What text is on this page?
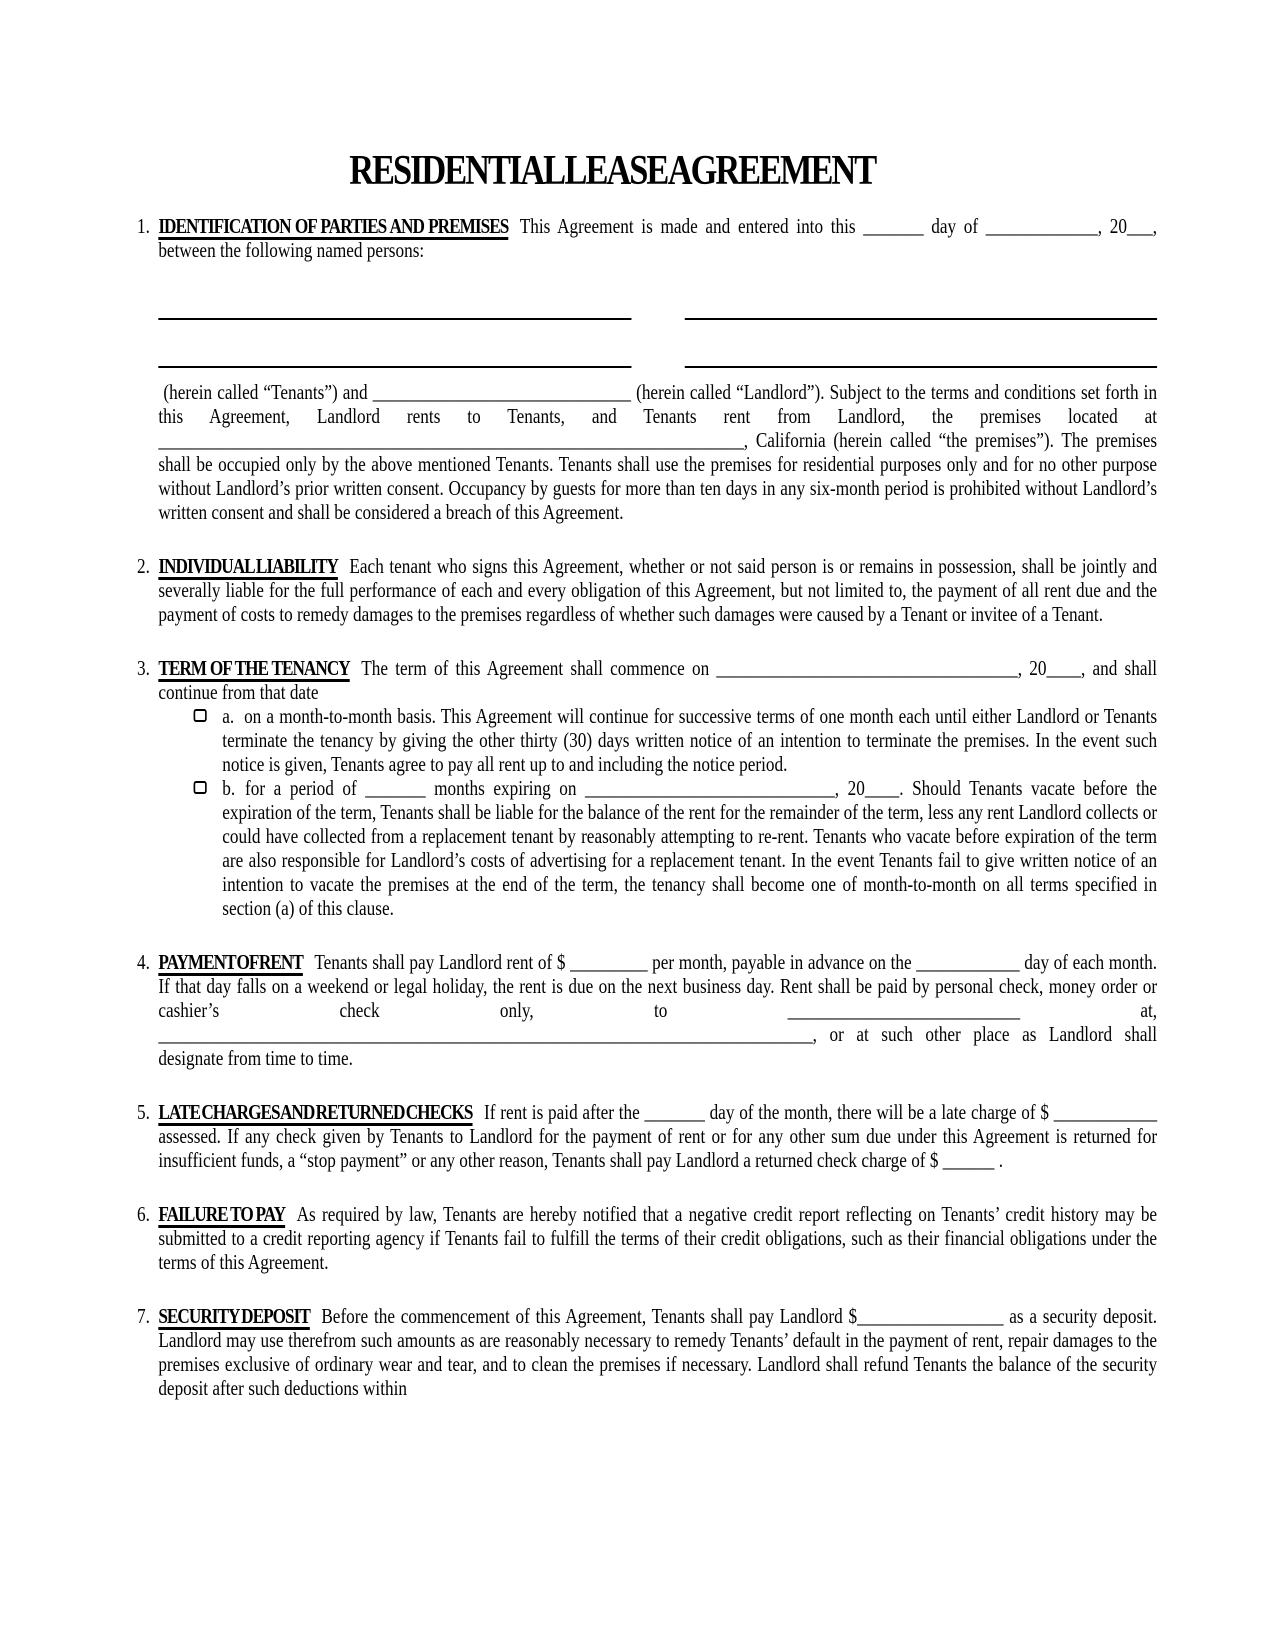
RESIDENTIAL LEASE AGREEMENT
1. IDENTIFICATION OF PARTIES AND PREMISES This Agreement is made and entered into this _______ day of _____________, 20___, between the following named persons:

(herein called “Tenants”) and ______________________________ (herein called “Landlord”). Subject to the terms and conditions set forth in this Agreement, Landlord rents to Tenants, and Tenants rent from Landlord, the premises located at ____________________________________________________________________, California (herein called “the premises”). The premises shall be occupied only by the above mentioned Tenants. Tenants shall use the premises for residential purposes only and for no other purpose without Landlord’s prior written consent. Occupancy by guests for more than ten days in any six-month period is prohibited without Landlord’s written consent and shall be considered a breach of this Agreement.

2. INDIVIDUAL LIABILITY Each tenant who signs this Agreement, whether or not said person is or remains in possession, shall be jointly and severally liable for the full performance of each and every obligation of this Agreement, but not limited to, the payment of all rent due and the payment of costs to remedy damages to the premises regardless of whether such damages were caused by a Tenant or invitee of a Tenant.

3. TERM OF THE TENANCY The term of this Agreement shall commence on ___________________________________, 20____, and shall continue from that date

a. on a month-to-month basis. This Agreement will continue for successive terms of one month each until either Landlord or Tenants terminate the tenancy by giving the other thirty (30) days written notice of an intention to terminate the premises. In the event such notice is given, Tenants agree to pay all rent up to and including the notice period.
b. for a period of _______ months expiring on _____________________________, 20____. Should Tenants vacate before the expiration of the term, Tenants shall be liable for the balance of the rent for the remainder of the term, less any rent Landlord collects or could have collected from a replacement tenant by reasonably attempting to re-rent. Tenants who vacate before expiration of the term are also responsible for Landlord’s costs of advertising for a replacement tenant. In the event Tenants fail to give written notice of an intention to vacate the premises at the end of the term, the tenancy shall become one of month-to-month on all terms specified in section (a) of this clause.
4. PAYMENT OF RENT Tenants shall pay Landlord rent of $ _________ per month, payable in advance on the ____________ day of each month. If that day falls on a weekend or legal holiday, the rent is due on the next business day. Rent shall be paid by personal check, money order or cashier’s check only, to ___________________________ at, ____________________________________________________________________________, or at such other place as Landlord shall designate from time to time.

5. LATE CHARGES AND RETURNED CHECKS If rent is paid after the _______ day of the month, there will be a late charge of $ ____________ assessed. If any check given by Tenants to Landlord for the payment of rent or for any other sum due under this Agreement is returned for insufficient funds, a “stop payment” or any other reason, Tenants shall pay Landlord a returned check charge of $ ______ .

6. FAILURE TO PAY As required by law, Tenants are hereby notified that a negative credit report reflecting on Tenants’ credit history may be submitted to a credit reporting agency if Tenants fail to fulfill the terms of their credit obligations, such as their financial obligations under the terms of this Agreement.

7. SECURITY DEPOSIT Before the commencement of this Agreement, Tenants shall pay Landlord $_________________ as a security deposit. Landlord may use therefrom such amounts as are reasonably necessary to remedy Tenants’ default in the payment of rent, repair damages to the premises exclusive of ordinary wear and tear, and to clean the premises if necessary. Landlord shall refund Tenants the balance of the security deposit after such deductions within
